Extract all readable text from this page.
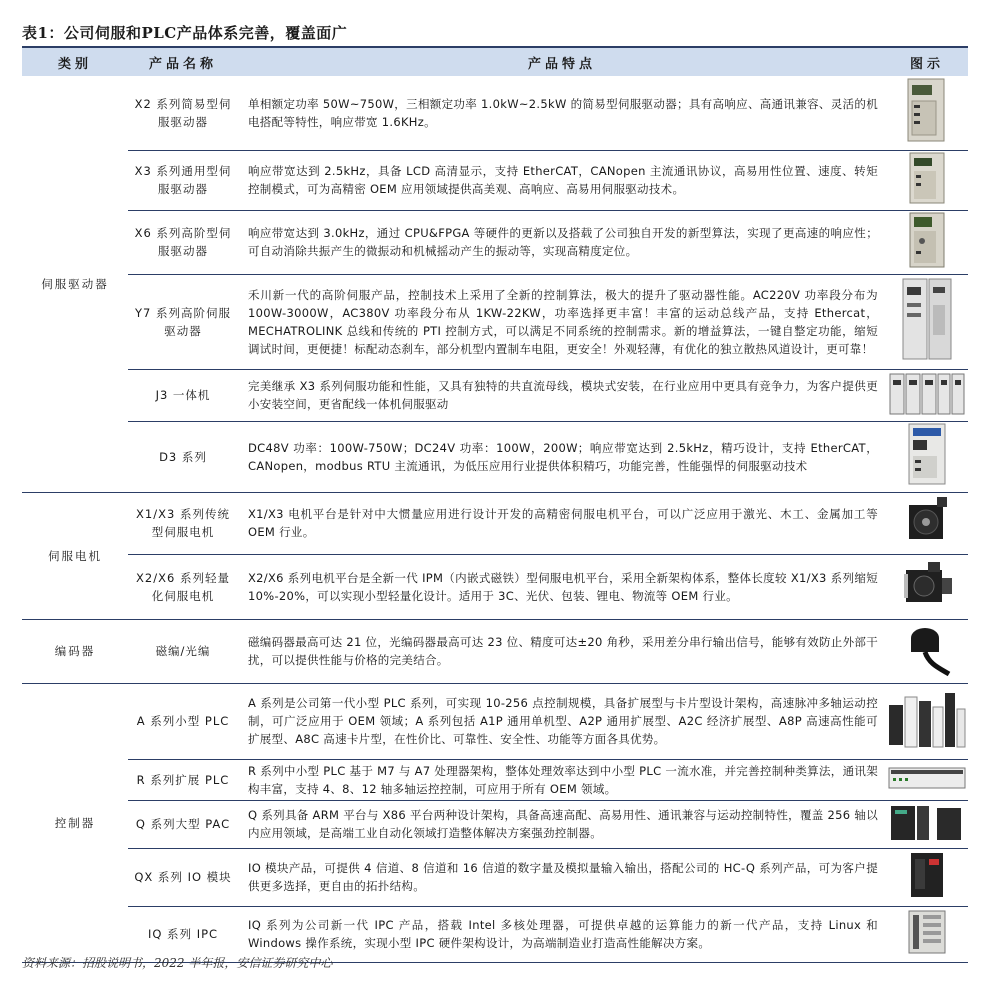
表1：公司伺服和PLC产品体系完善，覆盖面广
类别	产品名称	产品特点	图示
伺服驱动器	X2 系列简易型伺服驱动器	单相额定功率 50W~750W，三相额定功率 1.0kW~2.5kW 的简易型伺服驱动器；具有高响应、高通讯兼容、灵活的机电搭配等特性，响应带宽 1.6KHz。	
	X3 系列通用型伺服驱动器	响应带宽达到 2.5kHz，具备 LCD 高清显示，支持 EtherCAT，CANopen 主流通讯协议，高易用性位置、速度、转矩控制模式，可为高精密 OEM 应用领域提供高美观、高响应、高易用伺服驱动技术。	
	X6 系列高阶型伺服驱动器	响应带宽达到 3.0kHz，通过 CPU&FPGA 等硬件的更新以及搭载了公司独自开发的新型算法，实现了更高速的响应性；可自动消除共振产生的微振动和机械摇动产生的振动等，实现高精度定位。	
	Y7 系列高阶伺服驱动器	禾川新一代的高阶伺服产品，控制技术上采用了全新的控制算法，极大的提升了驱动器性能。AC220V 功率段分布为 100W-3000W，AC380V 功率段分布从 1KW-22KW，功率选择更丰富！丰富的运动总线产品，支持 Ethercat，MECHATROLINK 总线和传统的 PTI 控制方式，可以满足不同系统的控制需求。新的增益算法，一键自整定功能，缩短调试时间，更便捷！标配动态刹车，部分机型内置制车电阻，更安全！外观轻薄，有优化的独立散热风道设计，更可靠！	
	J3 一体机	完美继承 X3 系列伺服功能和性能，又具有独特的共直流母线，模块式安装，在行业应用中更具有竞争力，为客户提供更小安装空间，更省配线一体机伺服驱动	
	D3 系列	DC48V 功率：100W-750W；DC24V 功率：100W，200W；响应带宽达到 2.5kHz，精巧设计，支持 EtherCAT，CANopen，modbus RTU 主流通讯，为低压应用行业提供体积精巧，功能完善，性能强悍的伺服驱动技术	
伺服电机	X1/X3 系列传统型伺服电机	X1/X3 电机平台是针对中大惯量应用进行设计开发的高精密伺服电机平台，可以广泛应用于激光、木工、金属加工等 OEM 行业。	
	X2/X6 系列轻量化伺服电机	X2/X6 系列电机平台是全新一代 IPM（内嵌式磁铁）型伺服电机平台，采用全新架构体系，整体长度较 X1/X3 系列缩短 10%-20%，可以实现小型轻量化设计。适用于 3C、光伏、包装、锂电、物流等 OEM 行业。	
编码器	磁编/光编	磁编码器最高可达 21 位，光编码器最高可达 23 位、精度可达±20 角秒，采用差分串行输出信号，能够有效防止外部干扰，可以提供性能与价格的完美结合。	
控制器	A 系列小型 PLC	A 系列是公司第一代小型 PLC 系列，可实现 10-256 点控制规模，具备扩展型与卡片型设计架构，高速脉冲多轴运动控制，可广泛应用于 OEM 领域；A 系列包括 A1P 通用单机型、A2P 通用扩展型、A2C 经济扩展型、A8P 高速高性能可扩展型、A8C 高速卡片型，在性价比、可靠性、安全性、功能等方面各具优势。	
	R 系列扩展 PLC	R 系列中小型 PLC 基于 M7 与 A7 处理器架构，整体处理效率达到中小型 PLC 一流水准，并完善控制种类算法，通讯架构丰富，支持 4、8、12 轴多轴运控控制，可应用于所有 OEM 领域。	
	Q 系列大型 PAC	Q 系列具备 ARM 平台与 X86 平台两种设计架构，具备高速高配、高易用性、通讯兼容与运动控制特性，覆盖 256 轴以内应用领域，是高端工业自动化领域打造整体解决方案强劲控制器。	
	QX 系列 IO 模块	IO 模块产品，可提供 4 信道、8 信道和 16 信道的数字量及模拟量输入输出，搭配公司的 HC-Q 系列产品，可为客户提供更多选择，更自由的拓扑结构。	
	IQ 系列 IPC	IQ 系列为公司新一代 IPC 产品，搭载 Intel 多核处理器，可提供卓越的运算能力的新一代产品，支持 Linux 和 Windows 操作系统，实现小型 IPC 硬件架构设计，为高端制造业打造高性能解决方案。	
资料来源：招股说明书，2022 半年报，安信证券研究中心
